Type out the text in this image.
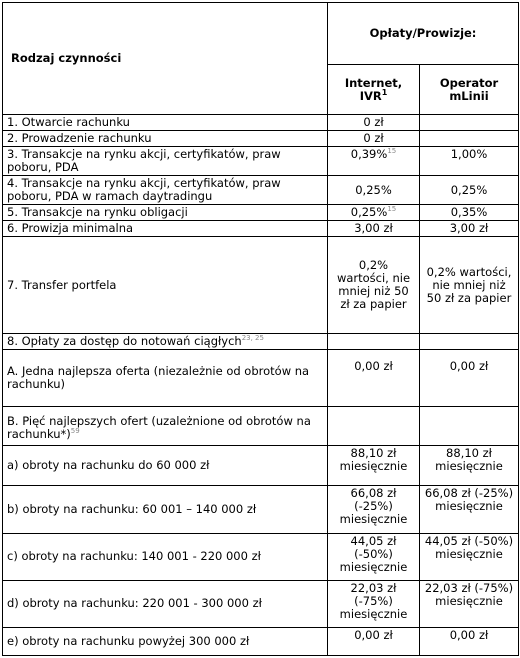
Rodzaj czynności	Opłaty/Prowizje:	
	Internet, IVR$^1$	Operator mLinii
1. Otwarcie rachunku	0 zł	
2. Prowadzenie rachunku	0 zł	
3. Transakcje na rynku akcji, certyfikatów, praw poboru, PDA	0,39%$^{15}$	1,00%
4. Transakcje na rynku akcji, certyfikatów, praw poboru, PDA w ramach daytradingu	0,25%	0,25%
5. Transakcje na rynku obligacji	0,25%$^{15}$	0,35%
6. Prowizja minimalna	3,00 zł	3,00 zł
7. Transfer portfela	0,2% wartości, nie mniej niż 50 zł za papier	0,2% wartości, nie mniej niż 50 zł za papier
8. Opłaty za dostęp do notowań ciągłych$^{23, 25}$		
A. Jedna najlepsza oferta (niezależnie od obrotów na rachunku)	0,00 zł	0,00 zł
B. Pięć najlepszych ofert (uzależnione od obrotów na rachunku*)$^{59}$		
a) obroty na rachunku do 60 000 zł	88,10 zł miesięcznie	88,10 zł miesięcznie
b) obroty na rachunku: 60 001 – 140 000 zł	66,08 zł (-25%) miesięcznie	66,08 zł (-25%) miesięcznie
c) obroty na rachunku: 140 001 - 220 000 zł	44,05 zł (-50%) miesięcznie	44,05 zł (-50%) miesięcznie
d) obroty na rachunku: 220 001 - 300 000 zł	22,03 zł (-75%) miesięcznie	22,03 zł (-75%) miesięcznie
e) obroty na rachunku powyżej 300 000 zł	0,00 zł	0,00 zł
